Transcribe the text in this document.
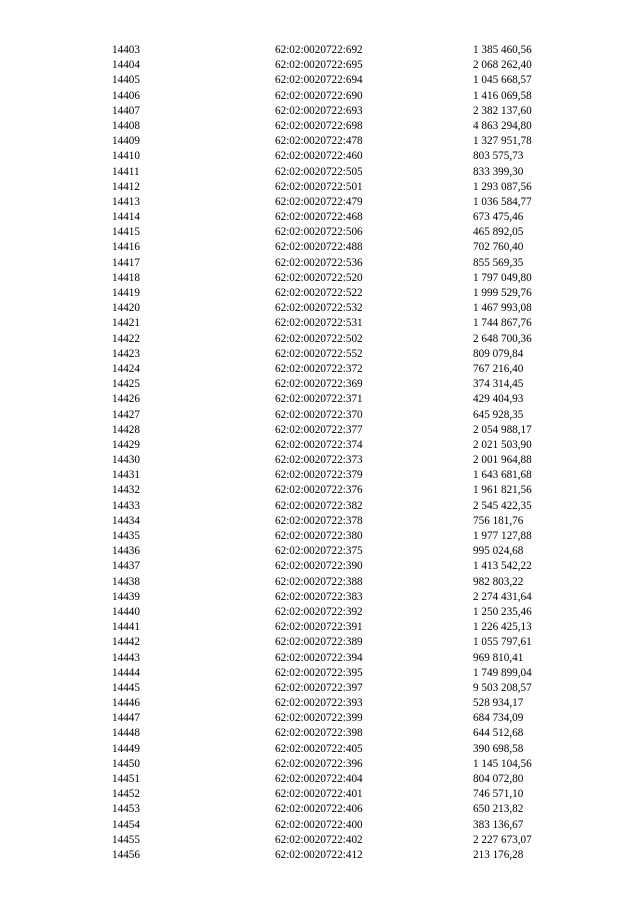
14403	62:02:0020722:692	1 385 460,56
14404	62:02:0020722:695	2 068 262,40
14405	62:02:0020722:694	1 045 668,57
14406	62:02:0020722:690	1 416 069,58
14407	62:02:0020722:693	2 382 137,60
14408	62:02:0020722:698	4 863 294,80
14409	62:02:0020722:478	1 327 951,78
14410	62:02:0020722:460	803 575,73
14411	62:02:0020722:505	833 399,30
14412	62:02:0020722:501	1 293 087,56
14413	62:02:0020722:479	1 036 584,77
14414	62:02:0020722:468	673 475,46
14415	62:02:0020722:506	465 892,05
14416	62:02:0020722:488	702 760,40
14417	62:02:0020722:536	855 569,35
14418	62:02:0020722:520	1 797 049,80
14419	62:02:0020722:522	1 999 529,76
14420	62:02:0020722:532	1 467 993,08
14421	62:02:0020722:531	1 744 867,76
14422	62:02:0020722:502	2 648 700,36
14423	62:02:0020722:552	809 079,84
14424	62:02:0020722:372	767 216,40
14425	62:02:0020722:369	374 314,45
14426	62:02:0020722:371	429 404,93
14427	62:02:0020722:370	645 928,35
14428	62:02:0020722:377	2 054 988,17
14429	62:02:0020722:374	2 021 503,90
14430	62:02:0020722:373	2 001 964,88
14431	62:02:0020722:379	1 643 681,68
14432	62:02:0020722:376	1 961 821,56
14433	62:02:0020722:382	2 545 422,35
14434	62:02:0020722:378	756 181,76
14435	62:02:0020722:380	1 977 127,88
14436	62:02:0020722:375	995 024,68
14437	62:02:0020722:390	1 413 542,22
14438	62:02:0020722:388	982 803,22
14439	62:02:0020722:383	2 274 431,64
14440	62:02:0020722:392	1 250 235,46
14441	62:02:0020722:391	1 226 425,13
14442	62:02:0020722:389	1 055 797,61
14443	62:02:0020722:394	969 810,41
14444	62:02:0020722:395	1 749 899,04
14445	62:02:0020722:397	9 503 208,57
14446	62:02:0020722:393	528 934,17
14447	62:02:0020722:399	684 734,09
14448	62:02:0020722:398	644 512,68
14449	62:02:0020722:405	390 698,58
14450	62:02:0020722:396	1 145 104,56
14451	62:02:0020722:404	804 072,80
14452	62:02:0020722:401	746 571,10
14453	62:02:0020722:406	650 213,82
14454	62:02:0020722:400	383 136,67
14455	62:02:0020722:402	2 227 673,07
14456	62:02:0020722:412	213 176,28
